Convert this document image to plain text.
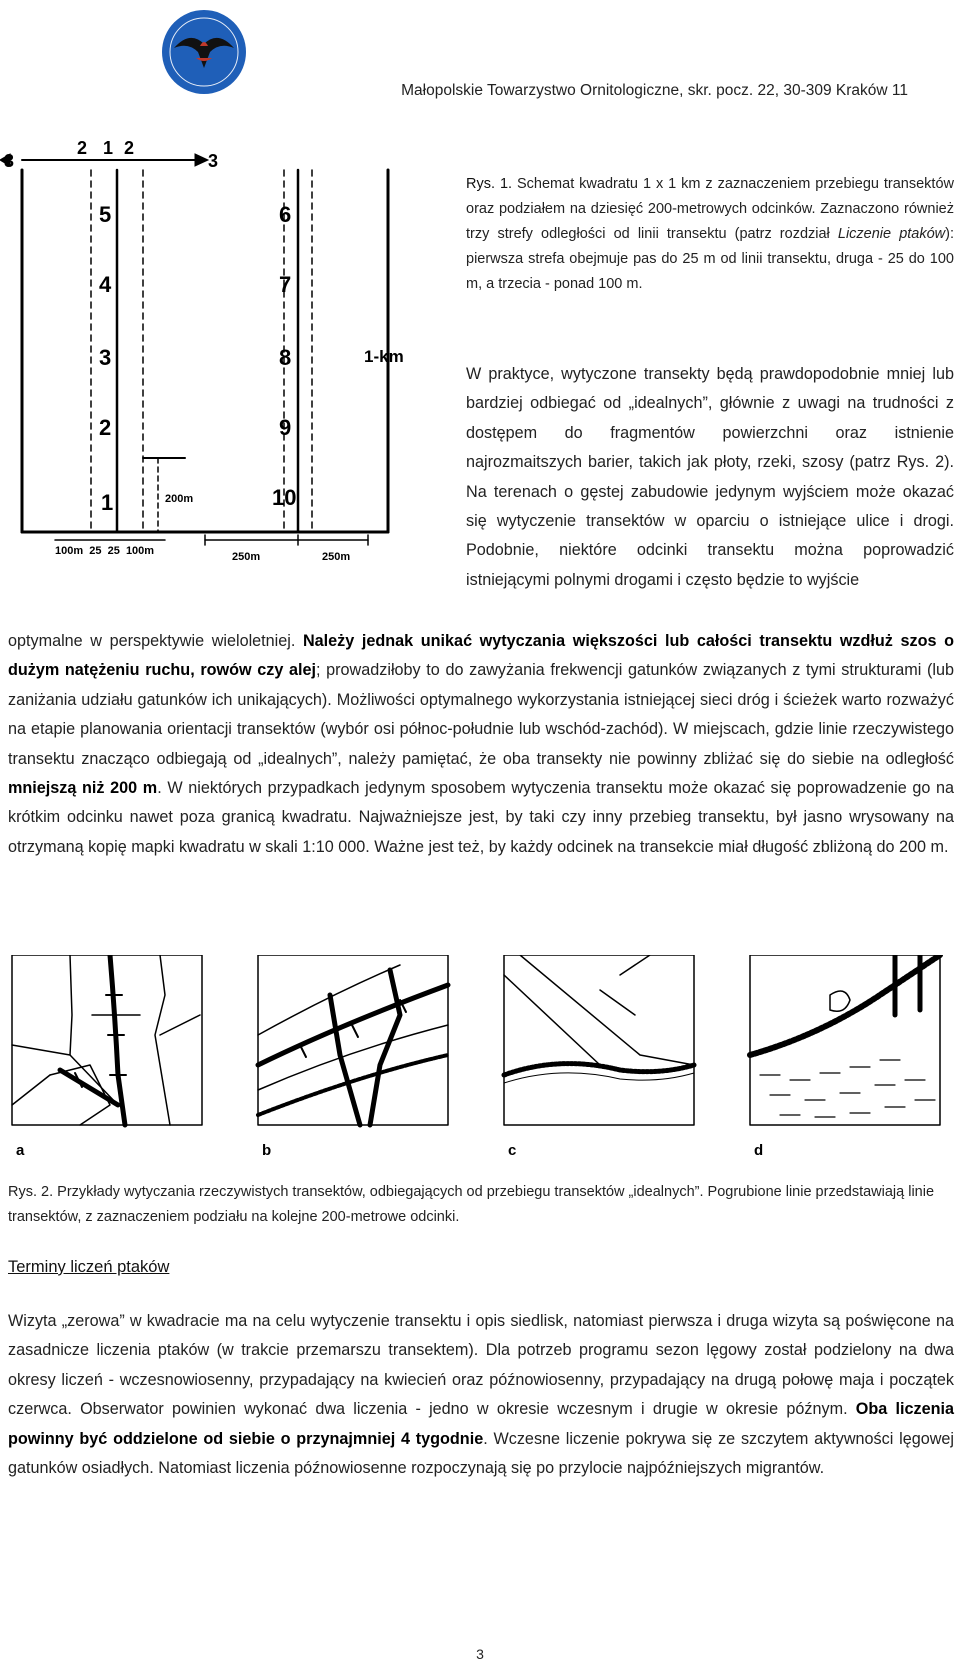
Małopolskie Towarzystwo Ornitologiczne, skr. pocz. 22, 30-309 Kraków 11
2 1 2
3	3
5
4
3
2
1
6
7
8
9
10
1-km
200m
100m  25  25  100m	250m	250m
Rys. 1. Schemat kwadratu 1 x 1 km z zaznaczeniem przebiegu transektów oraz podziałem na dziesięć 200-metrowych odcinków. Zaznaczono również trzy strefy odległości od linii transektu (patrz rozdział Liczenie ptaków): pierwsza strefa obejmuje pas do 25 m od linii transektu, druga - 25 do 100 m, a trzecia - ponad 100 m.
W praktyce, wytyczone transekty będą prawdopodobnie mniej lub bardziej odbiegać od „idealnych”, głównie z uwagi na trudności z dostępem do fragmentów powierzchni oraz istnienie najrozmaitszych barier, takich jak płoty, rzeki, szosy (patrz Rys. 2). Na terenach o gęstej zabudowie jedynym wyjściem może okazać się wytyczenie transektów w oparciu o istniejące ulice i drogi. Podobnie, niektóre odcinki transektu można poprowadzić istniejącymi polnymi drogami i często będzie to wyjście
optymalne w perspektywie wieloletniej. Należy jednak unikać wytyczania większości lub całości transektu wzdłuż szos o dużym natężeniu ruchu, rowów czy alej; prowadziłoby to do zawyżania frekwencji gatunków związanych z tymi strukturami (lub zaniżania udziału gatunków ich unikających). Możliwości optymalnego wykorzystania istniejącej sieci dróg i ścieżek warto rozważyć na etapie planowania orientacji transektów (wybór osi północ-południe lub wschód-zachód). W miejscach, gdzie linie rzeczywistego transektu znacząco odbiegają od „idealnych”, należy pamiętać, że oba transekty nie powinny zbliżać się do siebie na odległość mniejszą niż 200 m. W niektórych przypadkach jedynym sposobem wytyczenia transektu może okazać się poprowadzenie go na krótkim odcinku nawet poza granicą kwadratu. Najważniejsze jest, by taki czy inny przebieg transektu, był jasno wrysowany na otrzymaną kopię mapki kwadratu w skali 1:10 000. Ważne jest też, by każdy odcinek na transekcie miał długość zbliżoną do 200 m.
a	b	c	d
Rys. 2. Przykłady wytyczania rzeczywistych transektów, odbiegających od przebiegu transektów „idealnych”. Pogrubione linie przedstawiają linie transektów, z zaznaczeniem podziału na kolejne 200-metrowe odcinki.
Terminy liczeń ptaków
Wizyta „zerowa” w kwadracie ma na celu wytyczenie transektu i opis siedlisk, natomiast pierwsza i druga wizyta są poświęcone na zasadnicze liczenia ptaków (w trakcie przemarszu transektem). Dla potrzeb programu sezon lęgowy został podzielony na dwa okresy liczeń - wczesnowiosenny, przypadający na kwiecień oraz późnowiosenny, przypadający na drugą połowę maja i początek czerwca. Obserwator powinien wykonać dwa liczenia - jedno w okresie wczesnym i drugie w okresie późnym. Oba liczenia powinny być oddzielone od siebie o przynajmniej 4 tygodnie. Wczesne liczenie pokrywa się ze szczytem aktywności lęgowej gatunków osiadłych. Natomiast liczenia późnowiosenne rozpoczynają się po przylocie najpóźniejszych migrantów.
3
